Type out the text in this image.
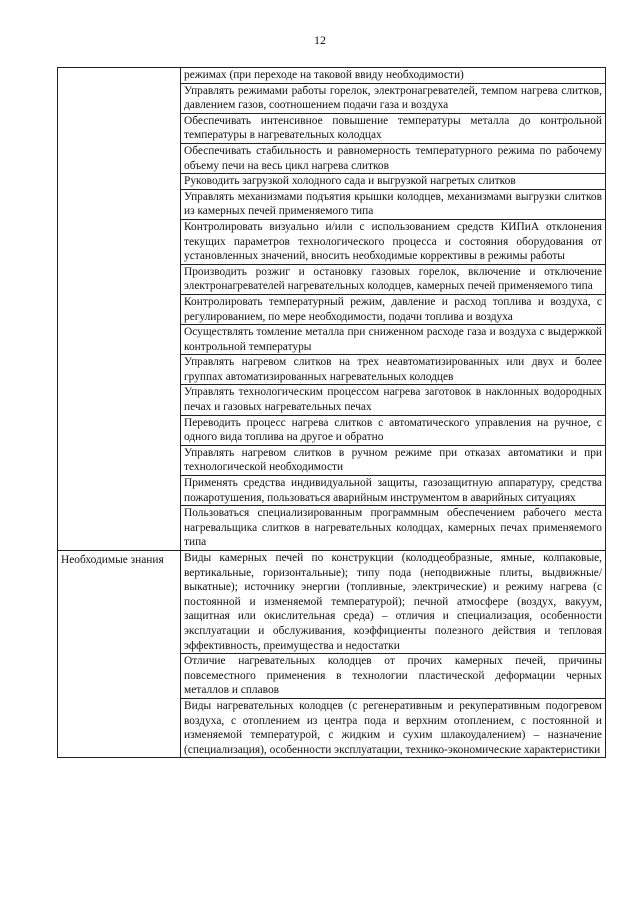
12
	режимах (при переходе на таковой ввиду необходимости)
	Управлять режимами работы горелок, электронагревателей, темпом нагрева слитков, давлением газов, соотношением подачи газа и воздуха
	Обеспечивать интенсивное повышение температуры металла до контрольной температуры в нагревательных колодцах
	Обеспечивать стабильность и равномерность температурного режима по рабочему объему печи на весь цикл нагрева слитков
	Руководить загрузкой холодного сада и выгрузкой нагретых слитков
	Управлять механизмами подъятия крышки колодцев, механизмами выгрузки слитков из камерных печей применяемого типа
	Контролировать визуально и/или с использованием средств КИПиА отклонения текущих параметров технологического процесса и состояния оборудования от установленных значений, вносить необходимые коррективы в режимы работы
	Производить розжиг и остановку газовых горелок, включение и отключение электронагревателей нагревательных колодцев, камерных печей применяемого типа
	Контролировать температурный режим, давление и расход топлива и воздуха, с регулированием, по мере необходимости, подачи топлива и воздуха
	Осуществлять томление металла при сниженном расходе газа и воздуха с выдержкой контрольной температуры
	Управлять нагревом слитков на трех неавтоматизированных или двух и более группах автоматизированных нагревательных колодцев
	Управлять технологическим процессом нагрева заготовок в наклонных водородных печах и газовых нагревательных печах
	Переводить процесс нагрева слитков с автоматического управления на ручное, с одного вида топлива на другое и обратно
	Управлять нагревом слитков в ручном режиме при отказах автоматики и при технологической необходимости
	Применять средства индивидуальной защиты, газозащитную аппаратуру, средства пожаротушения, пользоваться аварийным инструментом в аварийных ситуациях
	Пользоваться специализированным программным обеспечением рабочего места нагревальщика слитков в нагревательных колодцах, камерных печах применяемого типа

Необходимые знания	Виды камерных печей по конструкции (колодцеобразные, ямные, колпаковые, вертикальные, горизонтальные); типу пода (неподвижные плиты, выдвижные/выкатные); источнику энергии (топливные, электрические) и режиму нагрева (с постоянной и изменяемой температурой); печной атмосфере (воздух, вакуум, защитная или окислительная среда) – отличия и специализация, особенности эксплуатации и обслуживания, коэффициенты полезного действия и тепловая эффективность, преимущества и недостатки
	Отличие нагревательных колодцев от прочих камерных печей, причины повсеместного применения в технологии пластической деформации черных металлов и сплавов
	Виды нагревательных колодцев (с регенеративным и рекуперативным подогревом воздуха, с отоплением из центра пода и верхним отоплением, с постоянной и изменяемой температурой, с жидким и сухим шлакоудалением) – назначение (специализация), особенности эксплуатации, технико-экономические характеристики
